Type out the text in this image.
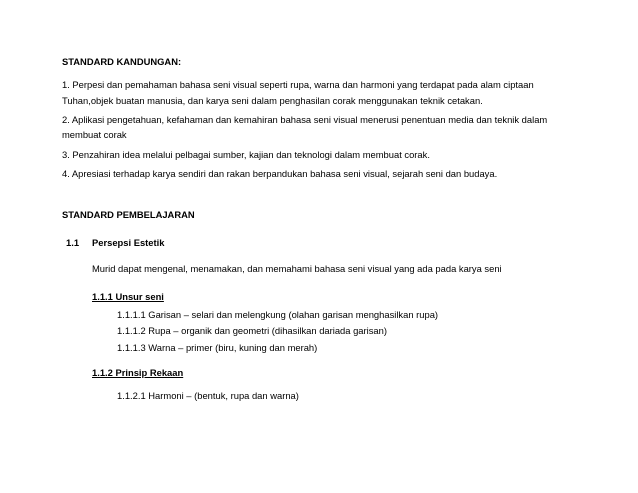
STANDARD KANDUNGAN:
1. Perpesi dan pemahaman bahasa seni visual seperti rupa, warna dan harmoni yang terdapat pada alam ciptaan
Tuhan,objek buatan manusia, dan karya seni dalam penghasilan corak menggunakan teknik cetakan.
2. Aplikasi pengetahuan, kefahaman dan kemahiran bahasa seni visual menerusi penentuan media dan teknik dalam
membuat corak
3. Penzahiran idea melalui pelbagai sumber, kajian dan teknologi dalam membuat corak.
4. Apresiasi terhadap karya sendiri dan rakan berpandukan bahasa seni visual, sejarah seni dan budaya.
STANDARD PEMBELAJARAN
1.1 Persepsi Estetik
Murid dapat mengenal, menamakan, dan memahami bahasa seni visual yang ada pada karya seni
1.1.1 Unsur seni
1.1.1.1 Garisan – selari dan melengkung (olahan garisan menghasilkan rupa)
1.1.1.2 Rupa – organik dan geometri (dihasilkan dariada garisan)
1.1.1.3 Warna – primer (biru, kuning dan merah)
1.1.2 Prinsip Rekaan
1.1.2.1 Harmoni – (bentuk, rupa dan warna)
